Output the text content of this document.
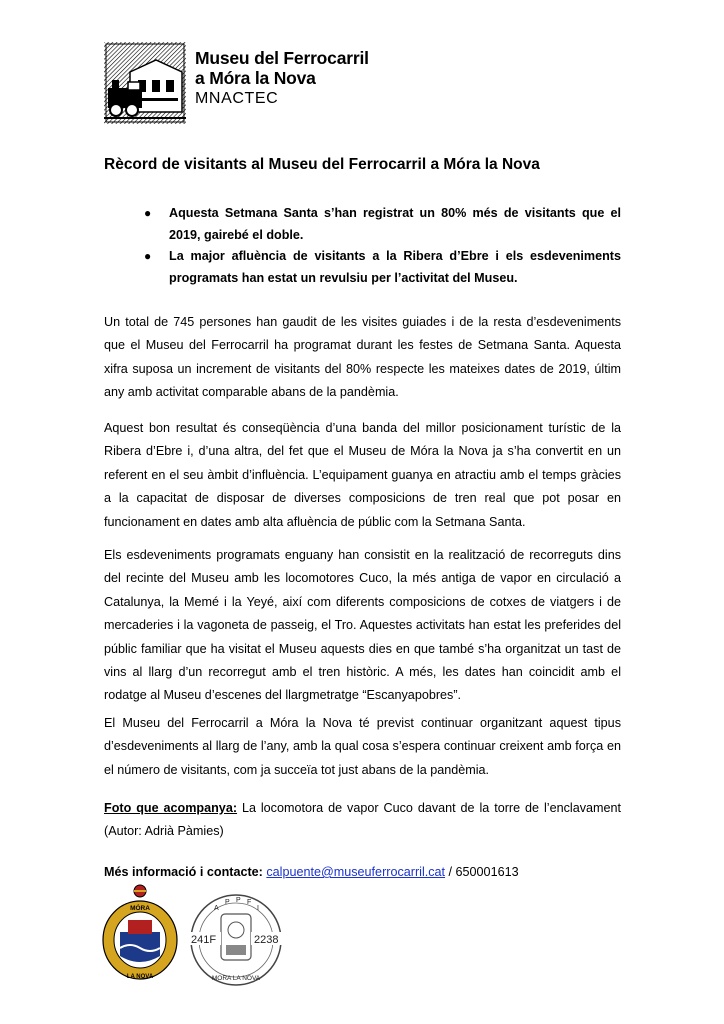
Museu del Ferrocarril
a Móra la Nova
MNACTEC
Rècord de visitants al Museu del Ferrocarril a Móra la Nova
● Aquesta Setmana Santa s’han registrat un 80% més de visitants que el 2019, gairebé el doble.
● La major afluència de visitants a la Ribera d’Ebre i els esdeveniments programats han estat un revulsiu per l’activitat del Museu.

Un total de 745 persones han gaudit de les visites guiades i de la resta d’esdeveniments que el Museu del Ferrocarril ha programat durant les festes de Setmana Santa. Aquesta xifra suposa un increment de visitants del 80% respecte les mateixes dates de 2019, últim any amb activitat comparable abans de la pandèmia.

Aquest bon resultat és conseqüència d’una banda del millor posicionament turístic de la Ribera d’Ebre i, d’una altra, del fet que el Museu de Móra la Nova ja s’ha convertit en un referent en el seu àmbit d’influència. L’equipament guanya en atractiu amb el temps gràcies a la capacitat de disposar de diverses composicions de tren real que pot posar en funcionament en dates amb alta afluència de públic com la Setmana Santa.

Els esdeveniments programats enguany han consistit en la realització de recorreguts dins del recinte del Museu amb les locomotores Cuco, la més antiga de vapor en circulació a Catalunya, la Memé i la Yeyé, així com diferents composicions de cotxes de viatgers i de mercaderies i la vagoneta de passeig, el Tro. Aquestes activitats han estat les preferides del públic familiar que ha visitat el Museu aquests dies en que també s’ha organitzat un tast de vins al llarg d’un recorregut amb el tren històric. A més, les dates han coincidit amb el rodatge al Museu d’escenes del llargmetratge “Escanyapobres”.

El Museu del Ferrocarril a Móra la Nova té previst continuar organitzant aquest tipus d’esdeveniments al llarg de l’any, amb la qual cosa s’espera continuar creixent amb força en el número de visitants, com ja succeïa tot just abans de la pandèmia.

Foto que acompanya: La locomotora de vapor Cuco davant de la torre de l’enclavament (Autor: Adrià Pàmies)

Més informació i contacte: calpuente@museuferrocarril.cat / 650001613

MÓRA
LA NOVA
A
P P F
I
241F	2238
MORA LA NOVA
